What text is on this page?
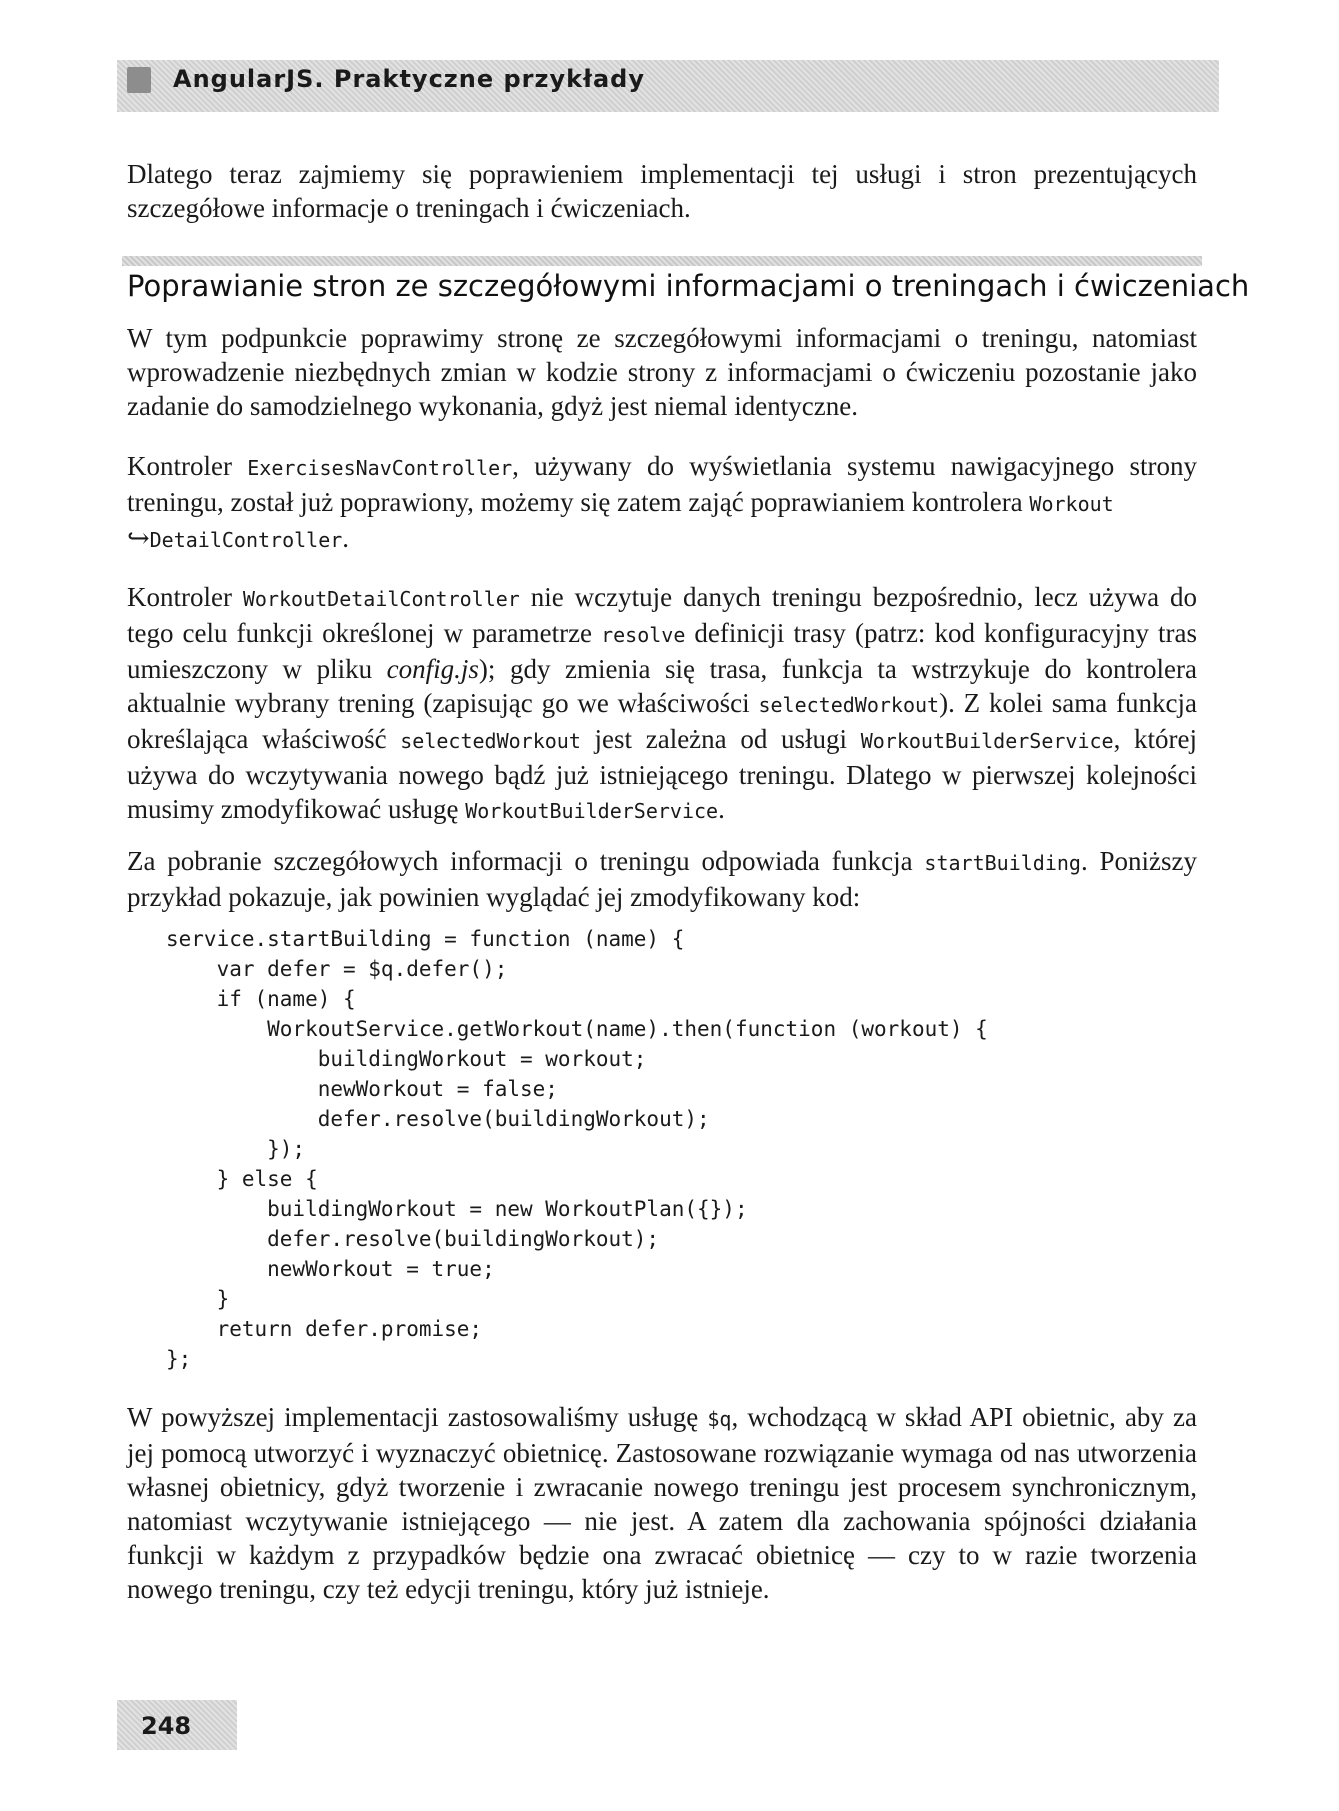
AngularJS. Praktyczne przykłady

Dlatego teraz zajmiemy się poprawieniem implementacji tej usługi i stron prezentujących szczegółowe informacje o treningach i ćwiczeniach.

Poprawianie stron ze szczegółowymi informacjami o treningach i ćwiczeniach

W tym podpunkcie poprawimy stronę ze szczegółowymi informacjami o treningu, natomiast wprowadzenie niezbędnych zmian w kodzie strony z informacjami o ćwiczeniu pozostanie jako zadanie do samodzielnego wykonania, gdyż jest niemal identyczne.

Kontroler ExercisesNavController, używany do wyświetlania systemu nawigacyjnego strony treningu, został już poprawiony, możemy się zatem zająć poprawianiem kontrolera Workout
↪DetailController.

Kontroler WorkoutDetailController nie wczytuje danych treningu bezpośrednio, lecz używa do tego celu funkcji określonej w parametrze resolve definicji trasy (patrz: kod konfiguracyjny tras umieszczony w pliku config.js); gdy zmienia się trasa, funkcja ta wstrzykuje do kontrolera aktualnie wybrany trening (zapisując go we właściwości selectedWorkout). Z kolei sama funkcja określająca właściwość selectedWorkout jest zależna od usługi WorkoutBuilderService, której używa do wczytywania nowego bądź już istniejącego treningu. Dlatego w pierwszej kolejności musimy zmodyfikować usługę WorkoutBuilderService.

Za pobranie szczegółowych informacji o treningu odpowiada funkcja startBuilding. Poniższy przykład pokazuje, jak powinien wyglądać jej zmodyfikowany kod:

service.startBuilding = function (name) {
var defer = $q.defer();
if (name) {
WorkoutService.getWorkout(name).then(function (workout) {
buildingWorkout = workout;
newWorkout = false;
defer.resolve(buildingWorkout);
});
} else {
buildingWorkout = new WorkoutPlan({});
defer.resolve(buildingWorkout);
newWorkout = true;
}
return defer.promise;
};

W powyższej implementacji zastosowaliśmy usługę $q, wchodzącą w skład API obietnic, aby za jej pomocą utworzyć i wyznaczyć obietnicę. Zastosowane rozwiązanie wymaga od nas utworzenia własnej obietnicy, gdyż tworzenie i zwracanie nowego treningu jest procesem synchronicznym, natomiast wczytywanie istniejącego — nie jest. A zatem dla zachowania spójności działania funkcji w każdym z przypadków będzie ona zwracać obietnicę — czy to w razie tworzenia nowego treningu, czy też edycji treningu, który już istnieje.

248
